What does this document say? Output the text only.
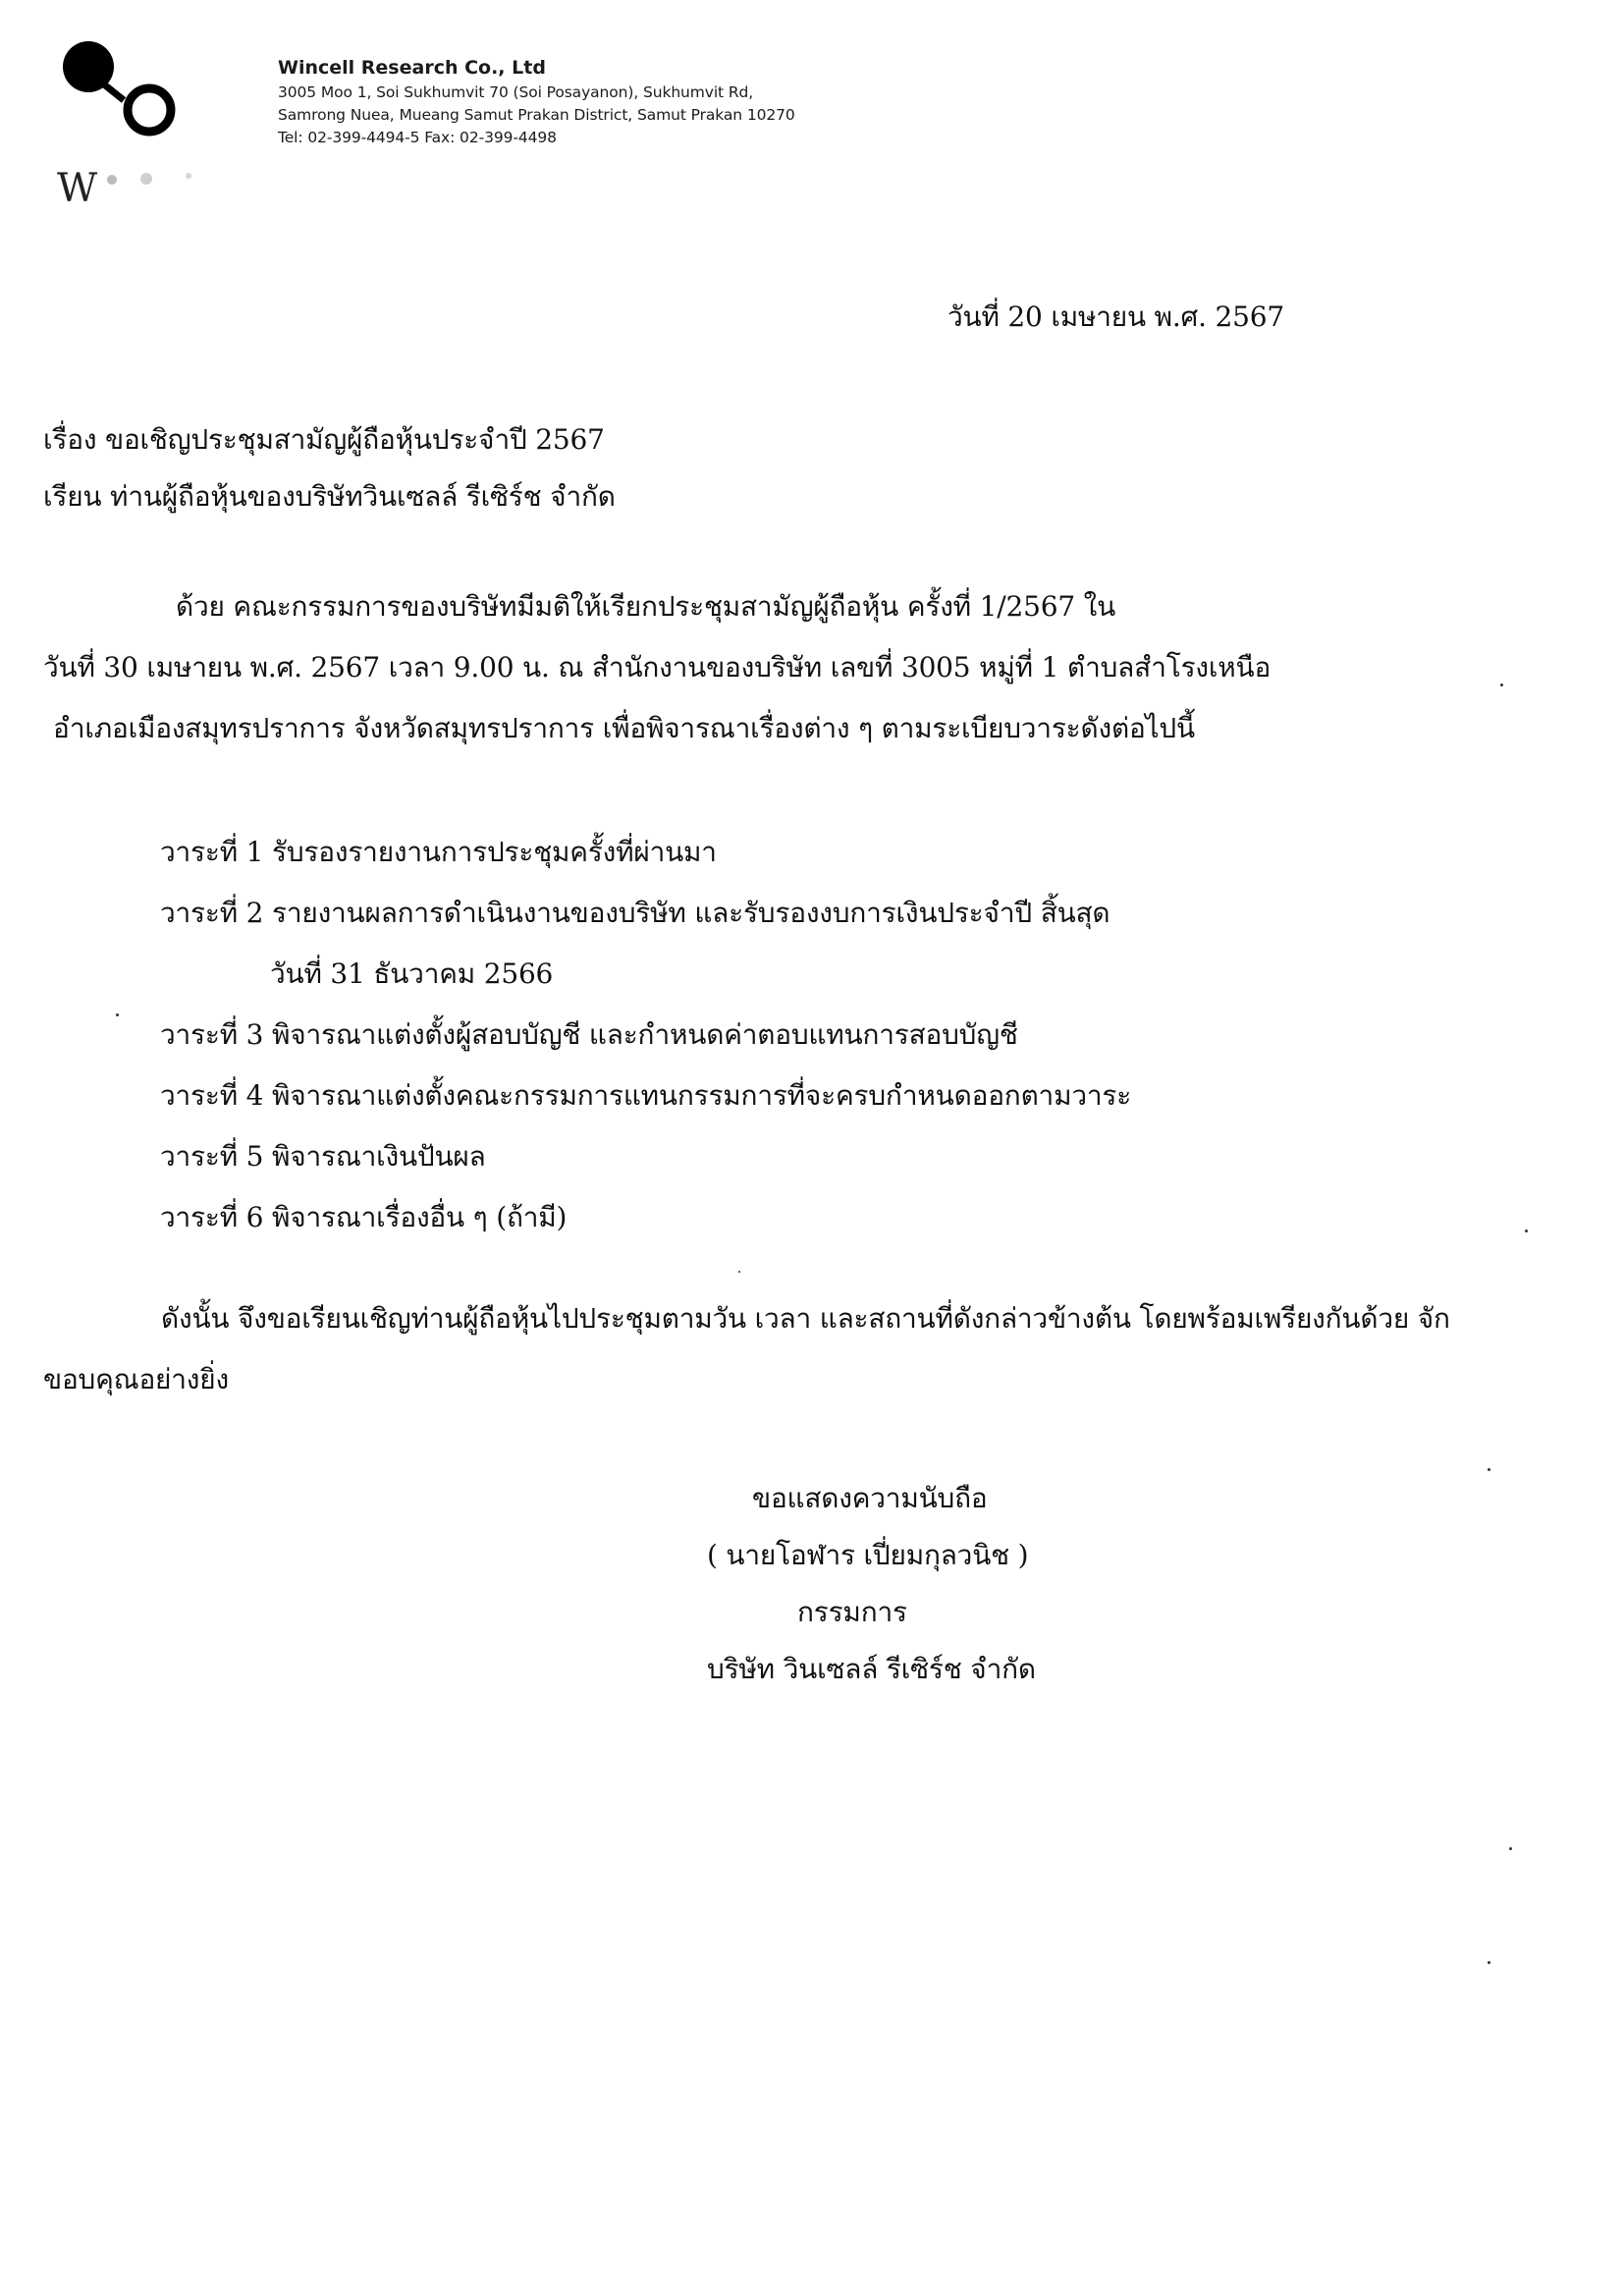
W
Wincell Research Co., Ltd
3005 Moo 1, Soi Sukhumvit 70 (Soi Posayanon), Sukhumvit Rd,
Samrong Nuea, Mueang Samut Prakan District, Samut Prakan 10270
Tel: 02-399-4494-5 Fax: 02-399-4498
วันที่ 20 เมษายน พ.ศ. 2567
เรื่อง ขอเชิญประชุมสามัญผู้ถือหุ้นประจำปี 2567
เรียน ท่านผู้ถือหุ้นของบริษัทวินเซลล์ รีเซิร์ช จำกัด
ด้วย คณะกรรมการของบริษัทมีมติให้เรียกประชุมสามัญผู้ถือหุ้น ครั้งที่ 1/2567 ใน
วันที่ 30 เมษายน พ.ศ. 2567 เวลา 9.00 น. ณ สำนักงานของบริษัท เลขที่ 3005 หมู่ที่ 1 ตำบลสำโรงเหนือ
อำเภอเมืองสมุทรปราการ จังหวัดสมุทรปราการ เพื่อพิจารณาเรื่องต่าง ๆ ตามระเบียบวาระดังต่อไปนี้
วาระที่ 1 รับรองรายงานการประชุมครั้งที่ผ่านมา
วาระที่ 2 รายงานผลการดำเนินงานของบริษัท และรับรองงบการเงินประจำปี สิ้นสุด
วันที่ 31 ธันวาคม 2566
วาระที่ 3 พิจารณาแต่งตั้งผู้สอบบัญชี และกำหนดค่าตอบแทนการสอบบัญชี
วาระที่ 4 พิจารณาแต่งตั้งคณะกรรมการแทนกรรมการที่จะครบกำหนดออกตามวาระ
วาระที่ 5 พิจารณาเงินปันผล
วาระที่ 6 พิจารณาเรื่องอื่น ๆ (ถ้ามี)
ดังนั้น จึงขอเรียนเชิญท่านผู้ถือหุ้นไปประชุมตามวัน เวลา และสถานที่ดังกล่าวข้างต้น โดยพร้อมเพรียงกันด้วย จัก
ขอบคุณอย่างยิ่ง
ขอแสดงความนับถือ
( นายโอฬาร เปี่ยมกุลวนิช )
กรรมการ
บริษัท วินเซลล์ รีเซิร์ช จำกัด
